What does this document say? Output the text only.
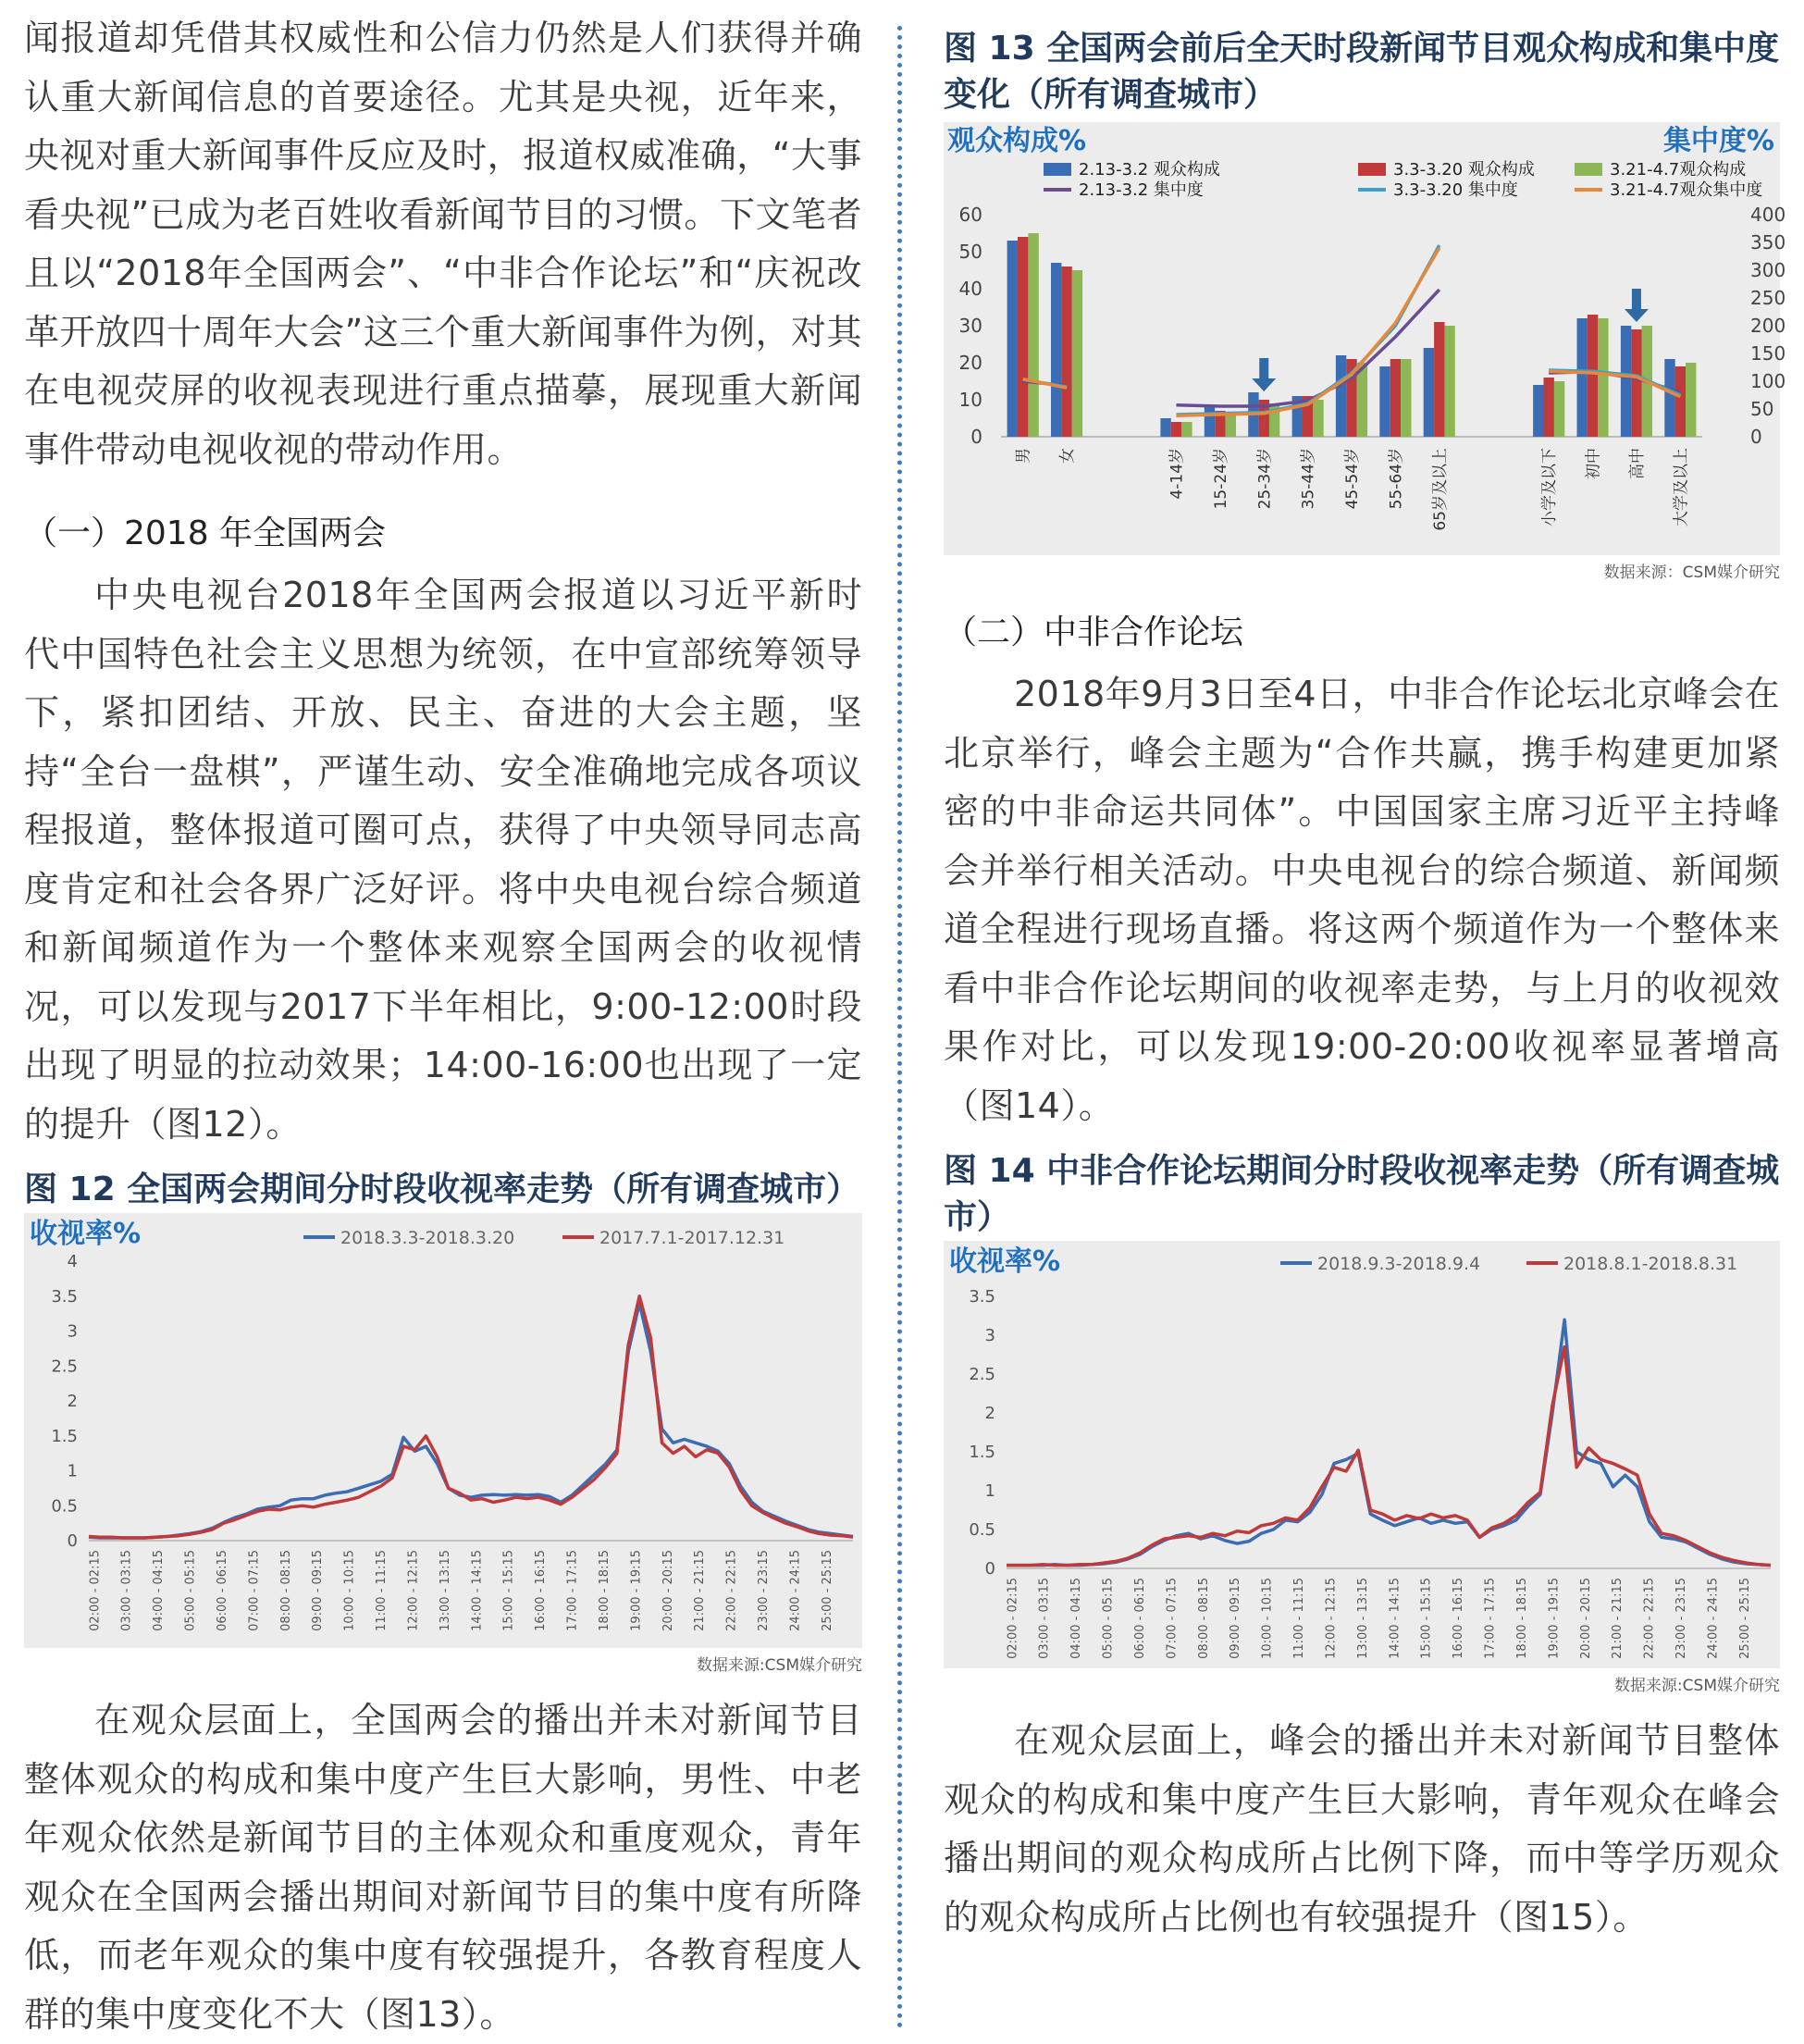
闻报道却凭借其权威性和公信力仍然是人们获得并确认重大新闻信息的首要途径。尤其是央视，近年来，央视对重大新闻事件反应及时，报道权威准确，“大事看央视”已成为老百姓收看新闻节目的习惯。下文笔者且以“2018年全国两会”、“中非合作论坛”和“庆祝改革开放四十周年大会”这三个重大新闻事件为例，对其在电视荧屏的收视表现进行重点描摹，展现重大新闻事件带动电视收视的带动作用。

（一）2018 年全国两会

中央电视台2018年全国两会报道以习近平新时代中国特色社会主义思想为统领，在中宣部统筹领导下，紧扣团结、开放、民主、奋进的大会主题，坚持“全台一盘棋”，严谨生动、安全准确地完成各项议程报道，整体报道可圈可点，获得了中央领导同志高度肯定和社会各界广泛好评。将中央电视台综合频道和新闻频道作为一个整体来观察全国两会的收视情况，可以发现与2017下半年相比，9:00-12:00时段出现了明显的拉动效果；14:00-16:00也出现了一定的提升（图12）。

图 12 全国两会期间分时段收视率走势（所有调查城市）
收视率%
0
0.5
1
1.5
2
2.5
3
3.5
4
02:00 - 02:15 03:00 - 03:15 04:00 - 04:15 05:00 - 05:15 06:00 - 06:15 07:00 - 07:15 08:00 - 08:15 09:00 - 09:15 10:00 - 10:15 11:00 - 11:15 12:00 - 12:15 13:00 - 13:15 14:00 - 14:15 15:00 - 15:15 16:00 - 16:15 17:00 - 17:15 18:00 - 18:15 19:00 - 19:15 20:00 - 20:15 21:00 - 21:15 22:00 - 22:15 23:00 - 23:15 24:00 - 24:15 25:00 - 25:15
2018.3.3-2018.3.20	2017.7.1-2017.12.31
数据来源:CSM媒介研究

在观众层面上，全国两会的播出并未对新闻节目整体观众的构成和集中度产生巨大影响，男性、中老年观众依然是新闻节目的主体观众和重度观众，青年观众在全国两会播出期间对新闻节目的集中度有所降低，而老年观众的集中度有较强提升，各教育程度人群的集中度变化不大（图13）。

图 13 全国两会前后全天时段新闻节目观众构成和集中度变化（所有调查城市）
观众构成%	集中度%
0
10
20
30
40
50
60
0
50
100
150
200
250
300
350
400
男 女	4-14岁 15-24岁 25-34岁 35-44岁 45-54岁 55-64岁 65岁及以上	小学及以下 初中 高中 大学及以上
2.13-3.2 观众构成	3.3-3.20 观众构成	3.21-4.7观众构成
2.13-3.2 集中度	3.3-3.20 集中度	3.21-4.7观众集中度
数据来源：CSM媒介研究
（二）中非合作论坛

2018年9月3日至4日，中非合作论坛北京峰会在北京举行，峰会主题为“合作共赢，携手构建更加紧密的中非命运共同体”。中国国家主席习近平主持峰会并举行相关活动。中央电视台的综合频道、新闻频道全程进行现场直播。将这两个频道作为一个整体来看中非合作论坛期间的收视率走势，与上月的收视效果作对比，可以发现19:00-20:00收视率显著增高（图14）。

图 14 中非合作论坛期间分时段收视率走势（所有调查城市）
收视率%
0
0.5
1
1.5
2
2.5
3
3.5
02:00 - 02:15 03:00 - 03:15 04:00 - 04:15 05:00 - 05:15 06:00 - 06:15 07:00 - 07:15 08:00 - 08:15 09:00 - 09:15 10:00 - 10:15 11:00 - 11:15 12:00 - 12:15 13:00 - 13:15 14:00 - 14:15 15:00 - 15:15 16:00 - 16:15 17:00 - 17:15 18:00 - 18:15 19:00 - 19:15 20:00 - 20:15 21:00 - 21:15 22:00 - 22:15 23:00 - 23:15 24:00 - 24:15 25:00 - 25:15
2018.9.3-2018.9.4	2018.8.1-2018.8.31
数据来源:CSM媒介研究

在观众层面上，峰会的播出并未对新闻节目整体观众的构成和集中度产生巨大影响，青年观众在峰会播出期间的观众构成所占比例下降，而中等学历观众的观众构成所占比例也有较强提升（图15）。
